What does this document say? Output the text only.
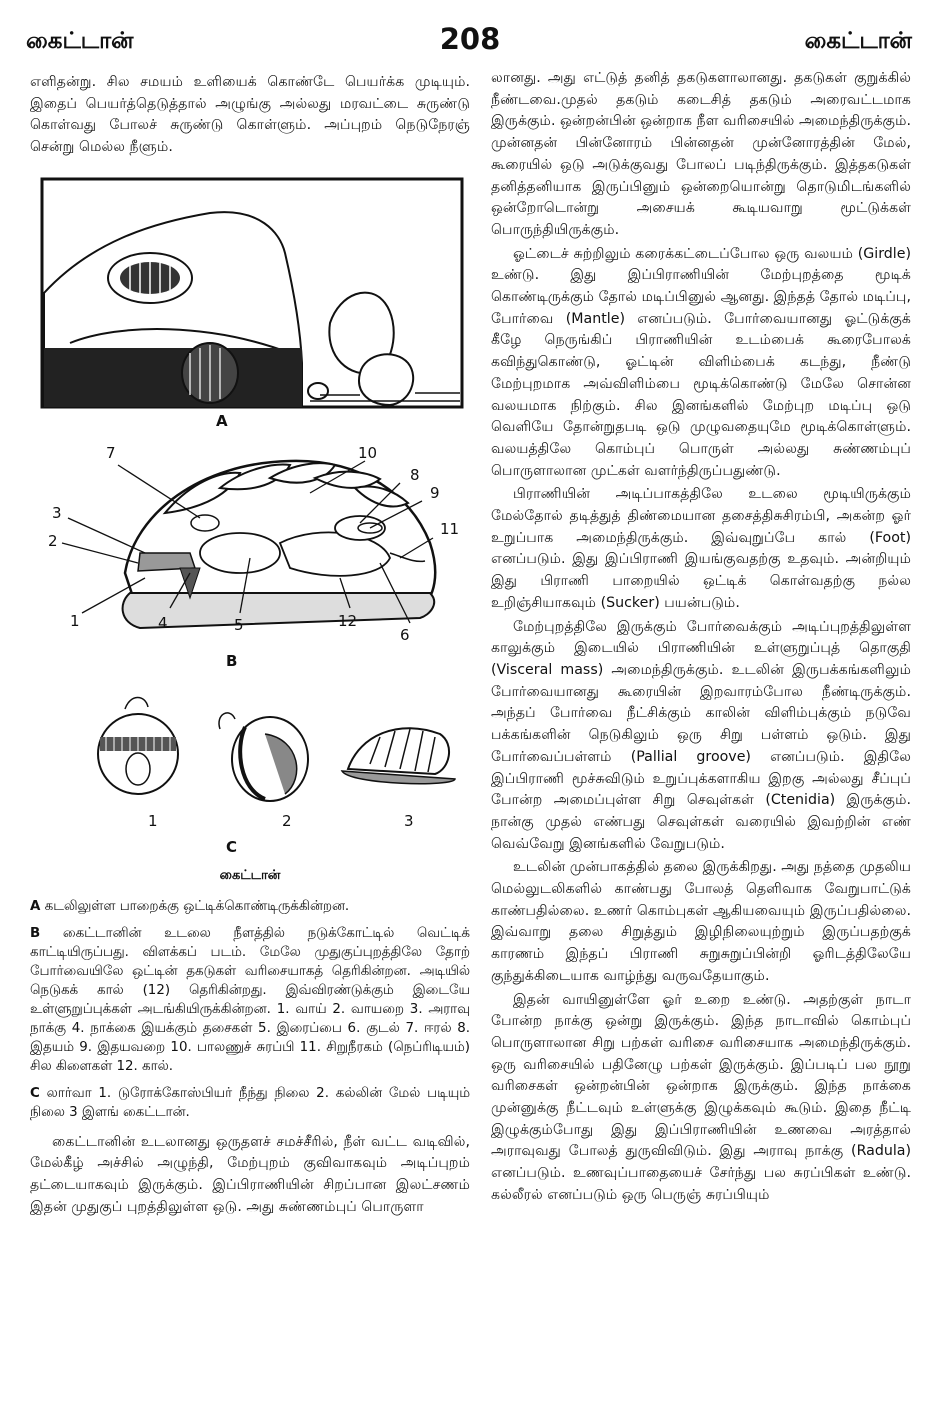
கைட்டான்	208	கைட்டான்

எளிதன்று. சில சமயம் உளியைக் கொண்டே பெயர்க்க முடியும். இதைப் பெயர்த்தெடுத்தால் அழுங்கு அல்லது மரவட்டை சுருண்டு கொள்வது போலச் சுருண்டு கொள்ளும். அப்புறம் நெடுநேரஞ் சென்று மெல்ல நீளும்.

A
7	10
8
9
11
3
2
1	4	5	12
6
B
1	2	3
C
கைட்டான்

A கடலிலுள்ள பாறைக்கு ஒட்டிக்கொண்டிருக்கின்றன.

B கைட்டானின் உடலை நீளத்தில் நடுக்கோட்டில் வெட்டிக் காட்டியிருப்பது. விளக்கப் படம். மேலே முதுகுப்புறத்திலே தோற் போர்வையிலே ஒட்டின் தகடுகள் வரிசையாகத் தெரிகின்றன. அடியில் நெடுகக் கால் (12) தெரிகின்றது. இவ்விரண்டுக்கும் இடையே உள்ளுறுப்புக்கள் அடங்கியிருக்கின்றன. 1. வாய் 2. வாயறை 3. அராவு நாக்கு 4. நாக்கை இயக்கும் தசைகள் 5. இரைப்பை 6. குடல் 7. ஈரல் 8. இதயம் 9. இதயவறை 10. பாலணுச் சுரப்பி 11. சிறுநீரகம் (நெப்ரிடியம்) சில கிளைகள் 12. கால்.

C லார்வா 1. டுரோக்கோஸ்பியர் நீந்து நிலை 2. கல்லின் மேல் படியும் நிலை 3 இளங் கைட்டான்.

கைட்டானின் உடலானது ஒருதளச் சமச்சீரில், நீள் வட்ட வடிவில், மேல்கீழ் அச்சில் அழுந்தி, மேற்புறம் குவிவாகவும் அடிப்புறம் தட்டையாகவும் இருக்கும். இப்பிராணியின் சிறப்பான இலட்சணம் இதன் முதுகுப் புறத்திலுள்ள ஒடு. அது சுண்ணம்புப் பொருளா

லானது. அது எட்டுத் தனித் தகடுகளாலானது. தகடுகள் குறுக்கில் நீண்டவை.முதல் தகடும் கடைசித் தகடும் அரைவட்டமாக இருக்கும். ஒன்றன்பின் ஒன்றாக நீள வரிசையில் அமைந்திருக்கும். முன்னதன் பின்னோரம் பின்னதன் முன்னோரத்தின் மேல், கூரையில் ஒடு அடுக்குவது போலப் படிந்திருக்கும். இத்தகடுகள் தனித்தனியாக இருப்பினும் ஒன்றையொன்று தொடுமிடங்களில் ஒன்றோடொன்று அசையக் கூடியவாறு மூட்டுக்கள் பொருந்தியிருக்கும்.

ஓட்டைச் சுற்றிலும் கரைக்கட்டைப்போல ஒரு வலயம் (Girdle) உண்டு. இது இப்பிராணியின் மேற்புறத்தை மூடிக் கொண்டிருக்கும் தோல் மடிப்பினுல் ஆனது. இந்தத் தோல் மடிப்பு, போர்வை (Mantle) எனப்படும். போர்வையானது ஓட்டுக்குக் கீழே நெருங்கிப் பிராணியின் உடம்பைக் கூரைபோலக் கவிந்துகொண்டு, ஓட்டின் விளிம்பைக் கடந்து, நீண்டு மேற்புறமாக அவ்விளிம்பை மூடிக்கொண்டு மேலே சொன்ன வலயமாக நிற்கும். சில இனங்களில் மேற்புற மடிப்பு ஒடு வெளியே தோன்றுதபடி ஒடு முழுவதையுமே மூடிக்கொள்ளும். வலயத்திலே கொம்புப் பொருள் அல்லது சுண்ணம்புப் பொருளாலான முட்கள் வளர்ந்திருப்பதுண்டு.

பிராணியின் அடிப்பாகத்திலே உடலை மூடியிருக்கும் மேல்தோல் தடித்துத் திண்மையான தசைத்திசுசிரம்பி, அகன்ற ஓர் உறுப்பாக அமைந்திருக்கும். இவ்வுறுப்பே கால் (Foot) எனப்படும். இது இப்பிராணி இயங்குவதற்கு உதவும். அன்றியும் இது பிராணி பாறையில் ஒட்டிக் கொள்வதற்கு நல்ல உறிஞ்சியாகவும் (Sucker) பயன்படும்.

மேற்புறத்திலே இருக்கும் போர்வைக்கும் அடிப்புறத்திலுள்ள காலுக்கும் இடையில் பிராணியின் உள்ளுறுப்புத் தொகுதி (Visceral mass) அமைந்திருக்கும். உடலின் இருபக்கங்களிலும் போர்வையானது கூரையின் இறவாரம்போல நீண்டிருக்கும். அந்தப் போர்வை நீட்சிக்கும் காலின் விளிம்புக்கும் நடுவே பக்கங்களின் நெடுகிலும் ஒரு சிறு பள்ளம் ஒடும். இது போர்வைப்பள்ளம் (Pallial groove) எனப்படும். இதிலே இப்பிராணி மூச்சுவிடும் உறுப்புக்களாகிய இறகு அல்லது சீப்புப் போன்ற அமைப்புள்ள சிறு செவுள்கள் (Ctenidia) இருக்கும். நான்கு முதல் எண்பது செவுள்கள் வரையில் இவற்றின் எண் வெவ்வேறு இனங்களில் வேறுபடும்.

உடலின் முன்பாகத்தில் தலை இருக்கிறது. அது நத்தை முதலிய மெல்லுடலிகளில் காண்பது போலத் தெளிவாக வேறுபாட்டுக் காண்பதில்லை. உணர் கொம்புகள் ஆகியவையும் இருப்பதில்லை. இவ்வாறு தலை சிறுத்தும் இழிநிலையுற்றும் இருப்பதற்குக் காரணம் இந்தப் பிராணி சுறுசுறுப்பின்றி ஓரிடத்திலேயே குந்துக்கிடையாக வாழ்ந்து வருவதேயாகும்.

இதன் வாயினுள்ளே ஓர் உறை உண்டு. அதற்குள் நாடா போன்ற நாக்கு ஒன்று இருக்கும். இந்த நாடாவில் கொம்புப் பொருளாலான சிறு பற்கள் வரிசை வரிசையாக அமைந்திருக்கும். ஒரு வரிசையில் பதினேழு பற்கள் இருக்கும். இப்படிப் பல நூறு வரிசைகள் ஒன்றன்பின் ஒன்றாக இருக்கும். இந்த நாக்கை முன்னுக்கு நீட்டவும் உள்ளுக்கு இழுக்கவும் கூடும். இதை நீட்டி இழுக்கும்போது இது இப்பிராணியின் உணவை அரத்தால் அராவுவது போலத் துருவிவிடும். இது அராவு நாக்கு (Radula) எனப்படும். உணவுப்பாதையைச் சேர்ந்து பல சுரப்பிகள் உண்டு. கல்லீரல் எனப்படும் ஒரு பெருஞ் சுரப்பியும்
